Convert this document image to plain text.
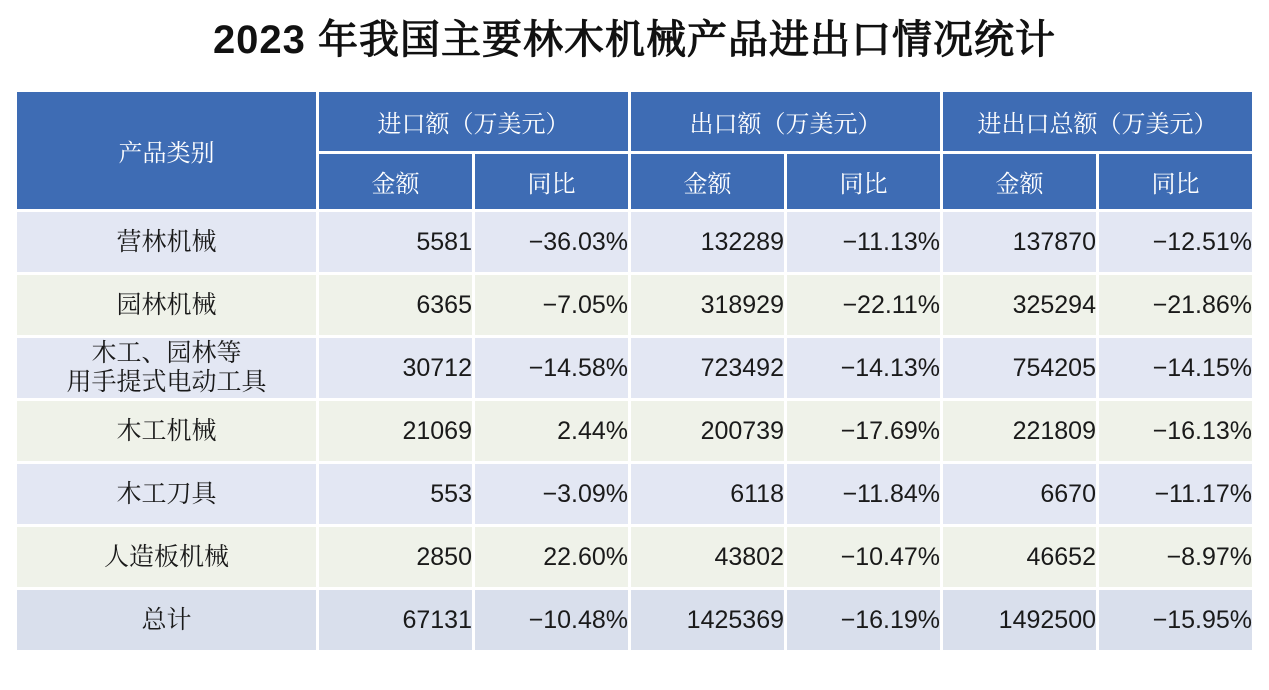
2023 年我国主要林木机械产品进出口情况统计
产品类别	进口额（万美元）		出口额（万美元）		进出口总额（万美元）	
	金额	同比	金额	同比	金额	同比
营林机械	5581	−36.03%	132289	−11.13%	137870	−12.51%
园林机械	6365	−7.05%	318929	−22.11%	325294	−21.86%
木工、园林等
用手提式电动工具	30712	−14.58%	723492	−14.13%	754205	−14.15%
木工机械	21069	2.44%	200739	−17.69%	221809	−16.13%
木工刀具	553	−3.09%	6118	−11.84%	6670	−11.17%
人造板机械	2850	22.60%	43802	−10.47%	46652	−8.97%
总计	67131	−10.48%	1425369	−16.19%	1492500	−15.95%
